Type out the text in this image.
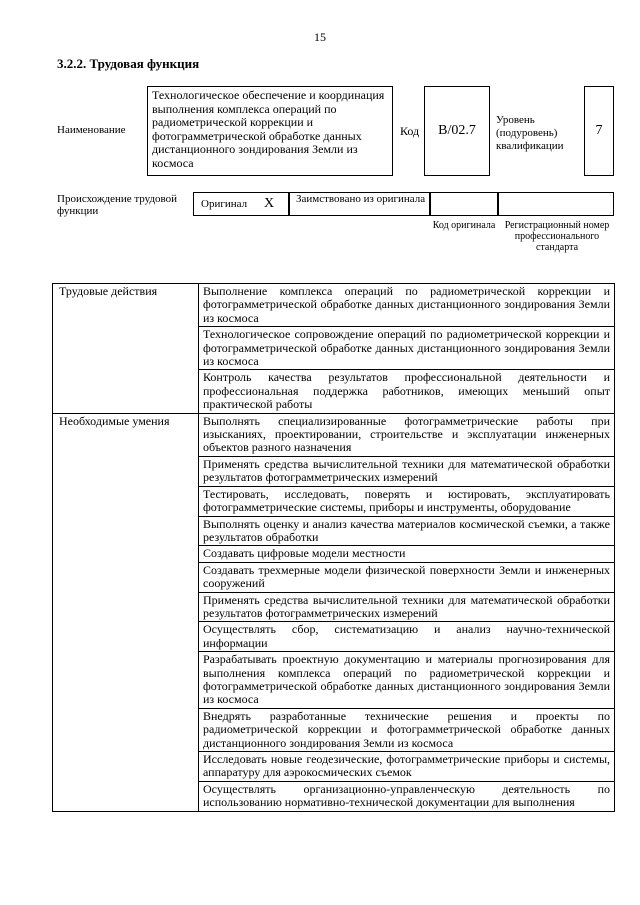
15
3.2.2. Трудовая функция
Наименование
Технологическое обеспечение и координация выполнения комплекса операций по радиометрической коррекции и фотограмметрической обработке данных дистанционного зондирования Земли из космоса
Код	B/02.7
Уровень (подуровень) квалификации
7
Происхождение трудовой функции
Оригинал X Заимствовано из оригинала
Код оригинала Регистрационный номер профессионального стандарта
Трудовые действия	Выполнение комплекса операций по радиометрической коррекции и фотограмметрической обработке данных дистанционного зондирования Земли из космоса
	Технологическое сопровождение операций по радиометрической коррекции и фотограмметрической обработке данных дистанционного зондирования Земли из космоса
	Контроль качества результатов профессиональной деятельности и профессиональная поддержка работников, имеющих меньший опыт практической работы
Необходимые умения	Выполнять специализированные фотограмметрические работы при изысканиях, проектировании, строительстве и эксплуатации инженерных объектов разного назначения
	Применять средства вычислительной техники для математической обработки результатов фотограмметрических измерений
	Тестировать, исследовать, поверять и юстировать, эксплуатировать фотограмметрические системы, приборы и инструменты, оборудование
	Выполнять оценку и анализ качества материалов космической съемки, а также результатов обработки
	Создавать цифровые модели местности
	Создавать трехмерные модели физической поверхности Земли и инженерных сооружений
	Применять средства вычислительной техники для математической обработки результатов фотограмметрических измерений
	Осуществлять сбор, систематизацию и анализ научно-технической информации
	Разрабатывать проектную документацию и материалы прогнозирования для выполнения комплекса операций по радиометрической коррекции и фотограмметрической обработке данных дистанционного зондирования Земли из космоса
	Внедрять разработанные технические решения и проекты по радиометрической коррекции и фотограмметрической обработке данных дистанционного зондирования Земли из космоса
	Исследовать новые геодезические, фотограмметрические приборы и системы, аппаратуру для аэрокосмических съемок
	Осуществлять организационно-управленческую деятельность по использованию нормативно-технической документации для выполнения
